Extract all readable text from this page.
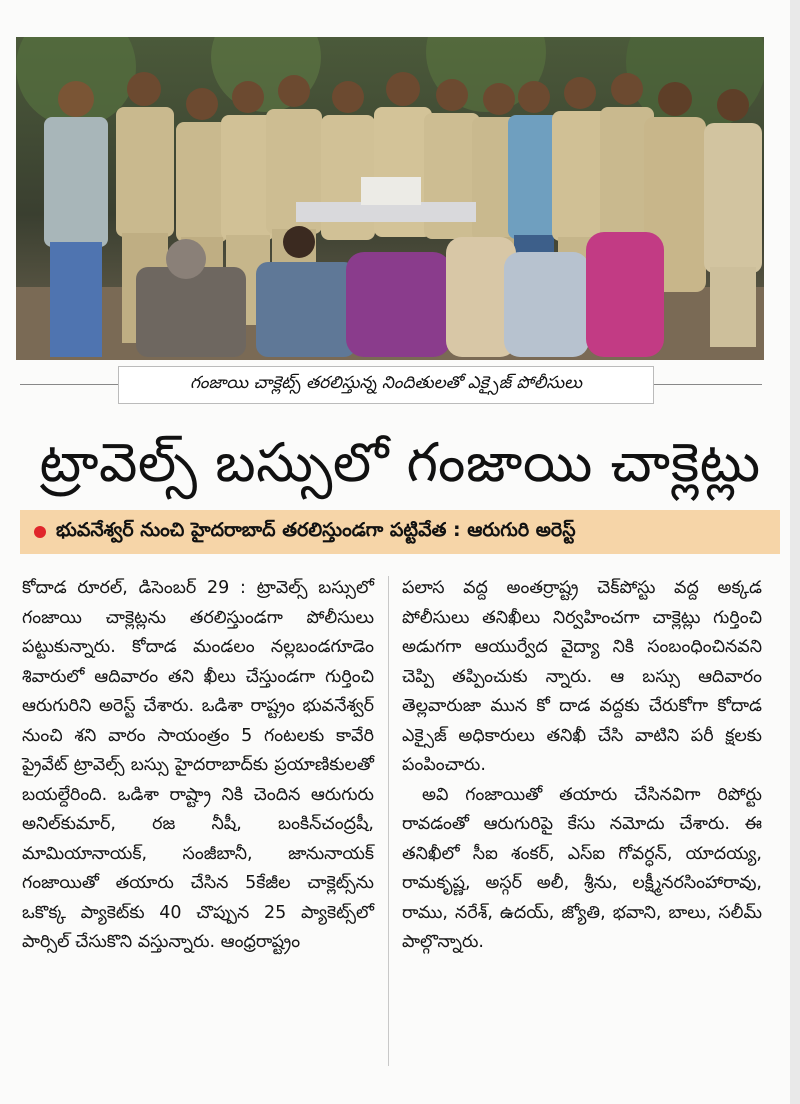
గంజాయి చాక్లెట్స్‌ తరలిస్తున్న నిందితులతో ఎక్సైజ్‌ పోలీసులు
ట్రావెల్స్‌ బస్సులో గంజాయి చాక్లెట్లు
భువనేశ్వర్‌ నుంచి హైదరాబాద్‌ తరలిస్తుండగా పట్టివేత : ఆరుగురి అరెస్ట్‌

కోదాడ రూరల్‌, డిసెంబర్‌ 29 : ట్రావెల్స్‌ బస్సులో గంజాయి చాక్లెట్లను తరలిస్తుండగా పోలీసులు పట్టుకున్నారు. కోదాడ మండలం నల్లబండగూడెం శివారులో ఆదివారం తని ఖీలు చేస్తుండగా గుర్తించి ఆరుగురిని అరెస్ట్‌ చేశారు. ఒడిశా రాష్ట్రం భువనేశ్వర్‌ నుంచి శని వారం సాయంత్రం 5 గంటలకు కావేరి ప్రైవేట్‌ ట్రావెల్స్‌ బస్సు హైదరాబాద్‌కు ప్రయాణికులతో బయల్దేరింది. ఒడిశా రాష్ట్రా నికి చెందిన ఆరుగురు అనిల్‌కుమార్‌, రజ నీషీ, బంకిన్‌చంద్రషీ, మామియానాయక్‌, సంజీబానీ, జానునాయక్‌ గంజాయితో తయారు చేసిన 5కేజీల చాక్లెట్స్‌ను ఒకొక్క ప్యాకెట్‌కు 40 చొప్పున 25 ప్యాకెట్స్‌లో పార్సిల్‌ చేసుకొని వస్తున్నారు. ఆంధ్రరాష్ట్రం

పలాస వద్ద అంతర్రాష్ట్ర చెక్‌పోస్టు వద్ద అక్కడ పోలీసులు తనిఖీలు నిర్వహించగా చాక్లెట్లు గుర్తించి అడుగగా ఆయుర్వేద వైద్యా నికి సంబంధించినవని చెప్పి తప్పించుకు న్నారు. ఆ బస్సు ఆదివారం తెల్లవారుజా మున కో దాడ వద్దకు చేరుకోగా కోదాడ ఎక్సైజ్‌ అధికారులు తనిఖీ చేసి వాటిని పరీ క్షలకు పంపించారు.

అవి గంజాయితో తయారు చేసినవిగా రిపోర్టు రావడంతో ఆరుగురిపై కేసు నమోదు చేశారు. ఈ తనిఖీలో సీఐ శంకర్‌, ఎస్‌ఐ గోవర్ధన్‌, యాదయ్య, రామకృష్ణ, అస్గర్‌ అలీ, శ్రీను, లక్ష్మీనరసింహారావు, రాము, నరేశ్‌, ఉదయ్‌, జ్యోతి, భవాని, బాలు, సలీమ్‌ పాల్గొన్నారు.
